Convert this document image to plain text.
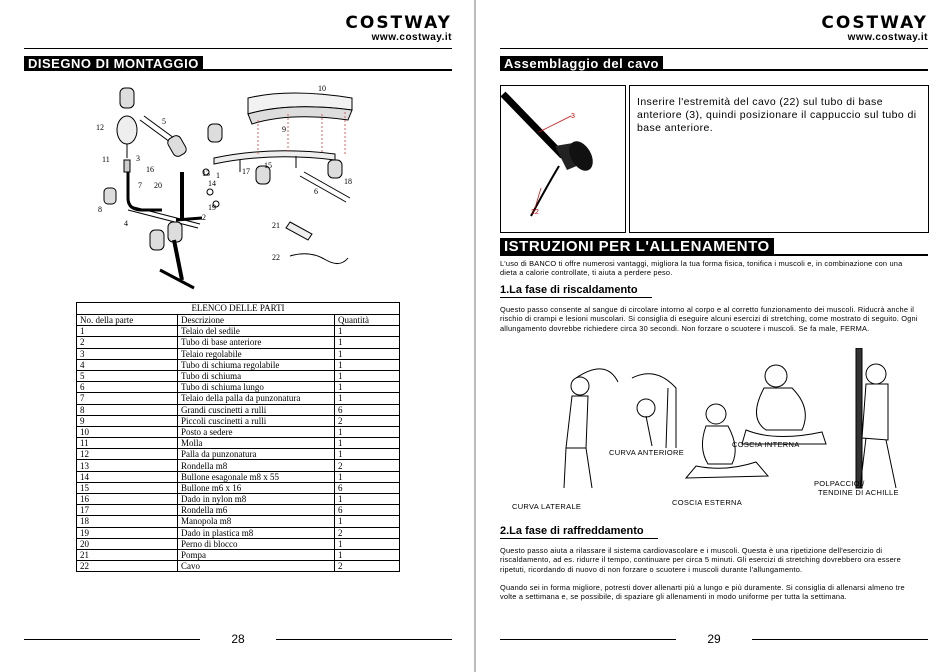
COSTWAY
www.costway.it
DISEGNO DI MONTAGGIO
10
5
12	9
3
17
11
16
20
13 1
15
14	18
7
19
8
4
6
2
21
22
ELENCO DELLE PARTI
No. della parte	Descrizione	Quantità
1	Telaio del sedile	1
2	Tubo di base anteriore	1
3	Telaio regolabile	1
4	Tubo di schiuma regolabile	1
5	Tubo di schiuma	1
6	Tubo di schiuma lungo	1
7	Telaio della palla da punzonatura	1
8	Grandi cuscinetti a rulli	6
9	Piccoli cuscinetti a rulli	2
10	Posto a sedere	1
11	Molla	1
12	Palla da punzonatura	1
13	Rondella m8	2
14	Bullone esagonale m8 x 55	1
15	Bullone m6 x 16	6
16	Dado in nylon m8	1
17	Rondella m6	6
18	Manopola m8	1
19	Dado in plastica m8	2
20	Perno di blocco	1
21	Pompa	1
22	Cavo	2
28
COSTWAY
www.costway.it
Assemblaggio del cavo
3
22
Inserire l'estremità del cavo (22) sul tubo di base anteriore (3), quindi posizionare il cappuccio sul tubo di base anteriore.
ISTRUZIONI PER L'ALLENAMENTO
L'uso di BANCO ti offre numerosi vantaggi, migliora la tua forma fisica, tonifica i muscoli e, in combinazione con una dieta a calorie controllate, ti aiuta a perdere peso.
1.La fase di riscaldamento
Questo passo consente al sangue di circolare intorno al corpo e al corretto funzionamento dei muscoli. Riducrà anche il rischio di crampi e lesioni muscolari. Si consiglia di eseguire alcuni esercizi di stretching, come mostrato di seguito. Ogni allungamento dovrebbe richiedere circa 30 secondi. Non forzare o scuotere i muscoli. Se fa male, FERMA.
CURVA LATERALE
CURVA ANTERIORE
COSCIA ESTERNA
COSCIA INTERNA
POLPACCIO /
TENDINE DI ACHILLE
2.La fase di raffreddamento
Questo passo aiuta a rilassare il sistema cardiovascolare e i muscoli. Questa è una ripetizione dell'esercizio di riscaldamento, ad es. ridurre il tempo, continuare per circa 5 minuti. Gli esercizi di stretching dovrebbero ora essere ripetuti, ricordando di nuovo di non forzare o scuotere i muscoli durante l'allungamento.
Quando sei in forma migliore, potresti dover allenarti più a lungo e più duramente. Si consiglia di allenarsi almeno tre volte a settimana e, se possibile, di spaziare gli allenamenti in modo uniforme per tutta la settimana.
29
